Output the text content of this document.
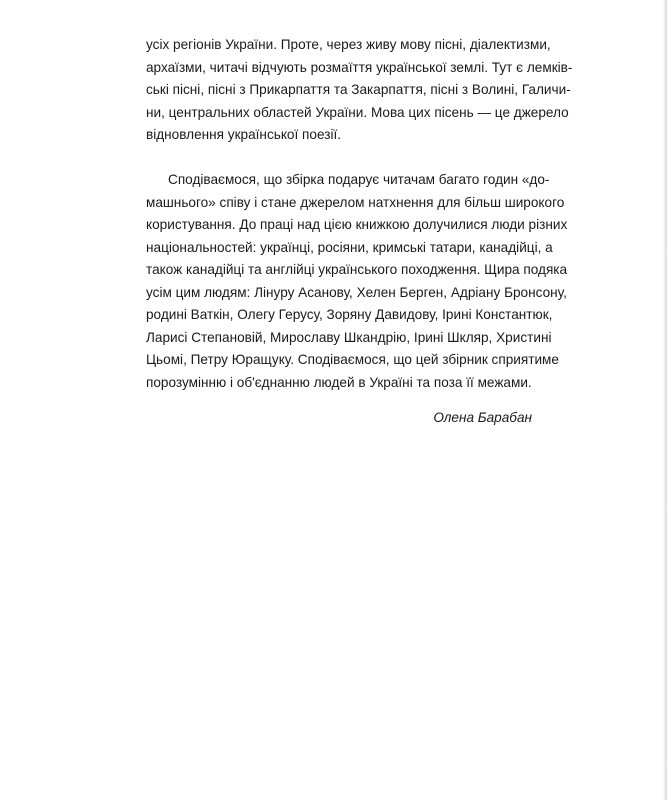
усіх регіонів України. Проте, через живу мову пісні, діалектизми,
архаїзми, читачі відчують розмаїття української землі. Тут є лемків-
ські пісні, пісні з Прикарпаття та Закарпаття, пісні з Волині, Галичи-
ни, центральних областей України. Мова цих пісень — це джерело
відновлення української поезії.
Сподіваємося, що збірка подарує читачам багато годин «до-
машнього» співу і стане джерелом натхнення для більш широкого
користування. До праці над цією книжкою долучилися люди різних
національностей: українці, росіяни, кримські татари, канадійці, а
також канадійці та англійці українського походження. Щира подяка
усім цим людям: Лінуру Асанову, Хелен Берген, Адріану Бронсону,
родині Ваткін, Олегу Герусу, Зоряну Давидову, Ірині Константюк,
Ларисі Степановій, Мирославу Шкандрію, Ірині Шкляр, Христині
Цьомі, Петру Юращуку. Сподіваємося, що цей збірник сприятиме
порозумінню і об'єднанню людей в Україні та поза її межами.
Олена Барабан
